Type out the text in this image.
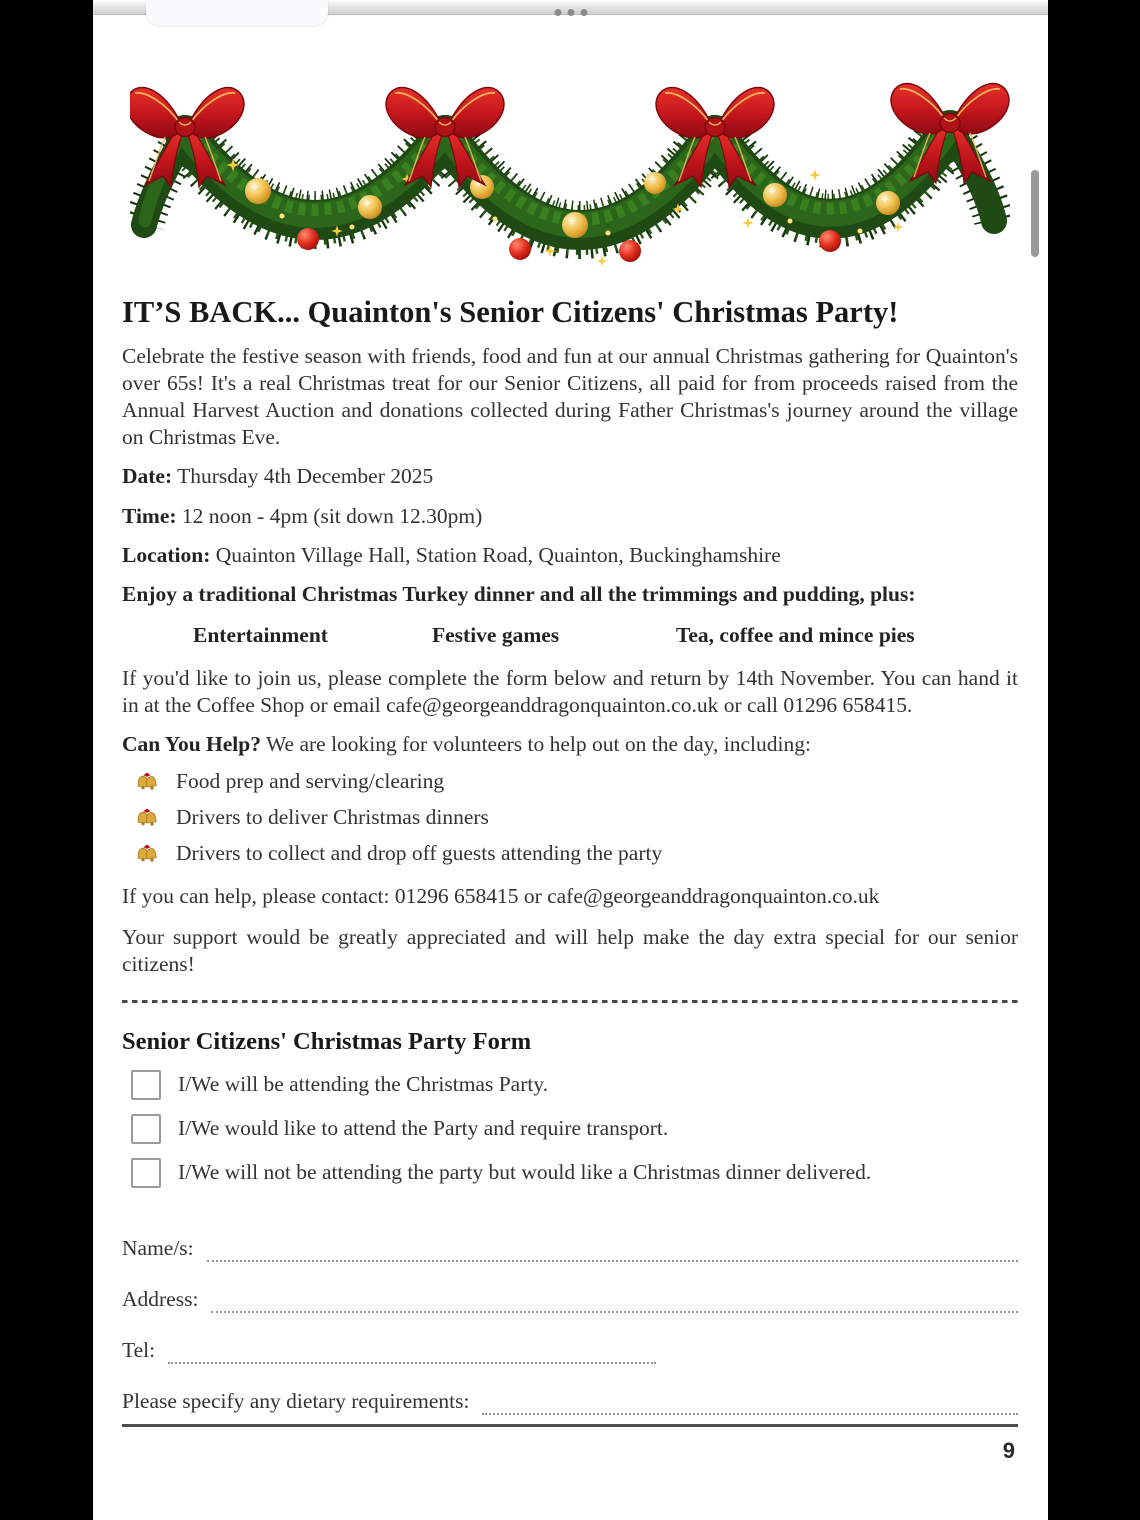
IT’S BACK... Quainton's Senior Citizens' Christmas Party!

Celebrate the festive season with friends, food and fun at our annual Christmas gathering for Quainton's over 65s! It's a real Christmas treat for our Senior Citizens, all paid for from proceeds raised from the Annual Harvest Auction and donations collected during Father Christmas's journey around the village on Christmas Eve.

Date: Thursday 4th December 2025

Time: 12 noon - 4pm (sit down 12.30pm)

Location: Quainton Village Hall, Station Road, Quainton, Buckinghamshire

Enjoy a traditional Christmas Turkey dinner and all the trimmings and pudding, plus:

Entertainment	Festive games	Tea, coffee and mince pies

If you'd like to join us, please complete the form below and return by 14th November. You can hand it in at the Coffee Shop or email cafe@georgeanddragonquainton.co.uk or call 01296 658415.

Can You Help? We are looking for volunteers to help out on the day, including:

Food prep and serving/clearing

Drivers to deliver Christmas dinners

Drivers to collect and drop off guests attending the party

If you can help, please contact: 01296 658415 or cafe@georgeanddragonquainton.co.uk

Your support would be greatly appreciated and will help make the day extra special for our senior citizens!

Senior Citizens' Christmas Party Form

I/We will be attending the Christmas Party.

I/We would like to attend the Party and require transport.

I/We will not be attending the party but would like a Christmas dinner delivered.

Name/s:

Address:

Tel:

Please specify any dietary requirements:

9
